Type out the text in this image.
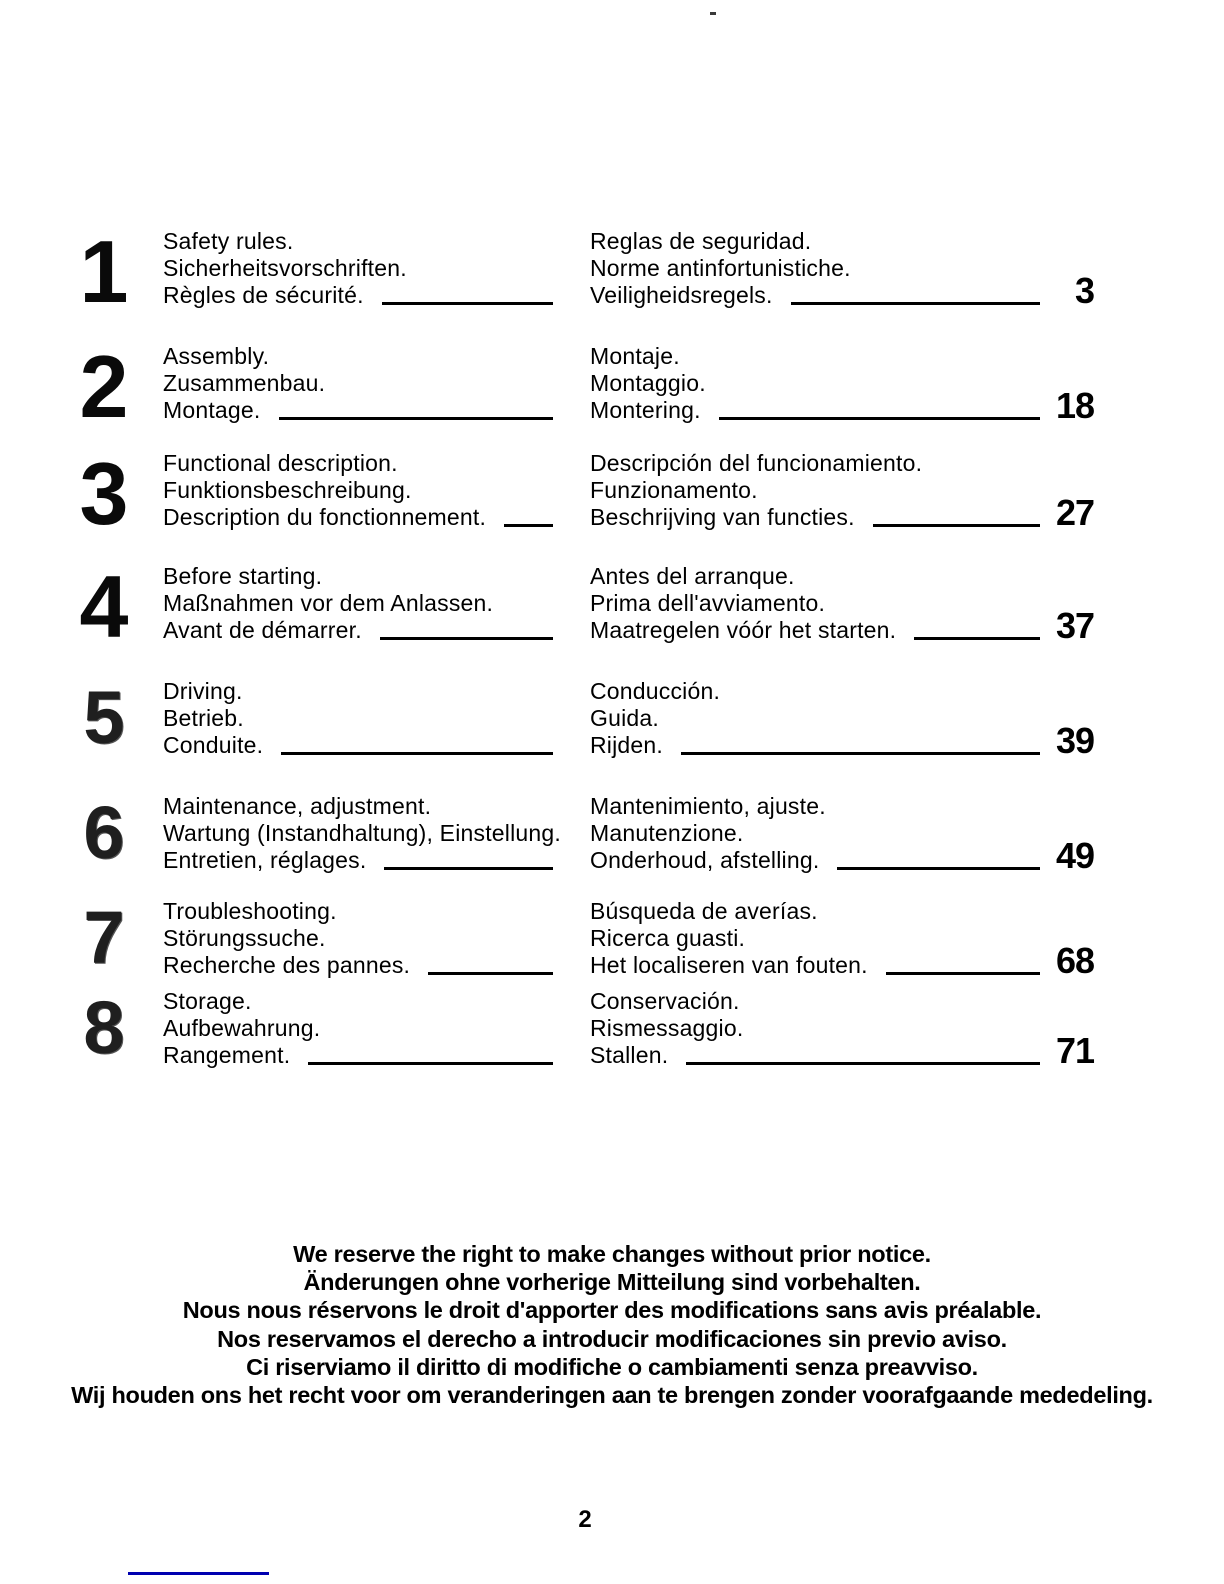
1	Safety rules.
Sicherheitsvorschriften.
Règles de sécurité.
Reglas de seguridad.
Norme antinfortunistiche.
Veiligheidsregels.	3
2	Assembly.
Zusammenbau.
Montage.
Montaje.
Montaggio.
Montering.	18
3	Functional description.
Funktionsbeschreibung.
Description du fonctionnement.
Descripción del funcionamiento.
Funzionamento.
Beschrijving van functies.	27
4	Before starting.
Maßnahmen vor dem Anlassen.
Avant de démarrer.
Antes del arranque.
Prima dell'avviamento.
Maatregelen vóór het starten.	37
5	Driving.
Betrieb.
Conduite.
Conducción.
Guida.
Rijden.	39
6	Maintenance, adjustment.
Wartung (Instandhaltung), Einstellung.
Entretien, réglages.
Mantenimiento, ajuste.
Manutenzione.
Onderhoud, afstelling.	49
7	Troubleshooting.
Störungssuche.
Recherche des pannes.
Búsqueda de averías.
Ricerca guasti.
Het localiseren van fouten.	68
8	Storage.
Aufbewahrung.
Rangement.
Conservación.
Rismessaggio.
Stallen.	71
We reserve the right to make changes without prior notice.
Änderungen ohne vorherige Mitteilung sind vorbehalten.
Nous nous réservons le droit d'apporter des modifications sans avis préalable.
Nos reservamos el derecho a introducir modificaciones sin previo aviso.
Ci riserviamo il diritto di modifiche o cambiamenti senza preavviso.
Wij houden ons het recht voor om veranderingen aan te brengen zonder voorafgaande mededeling.
2
